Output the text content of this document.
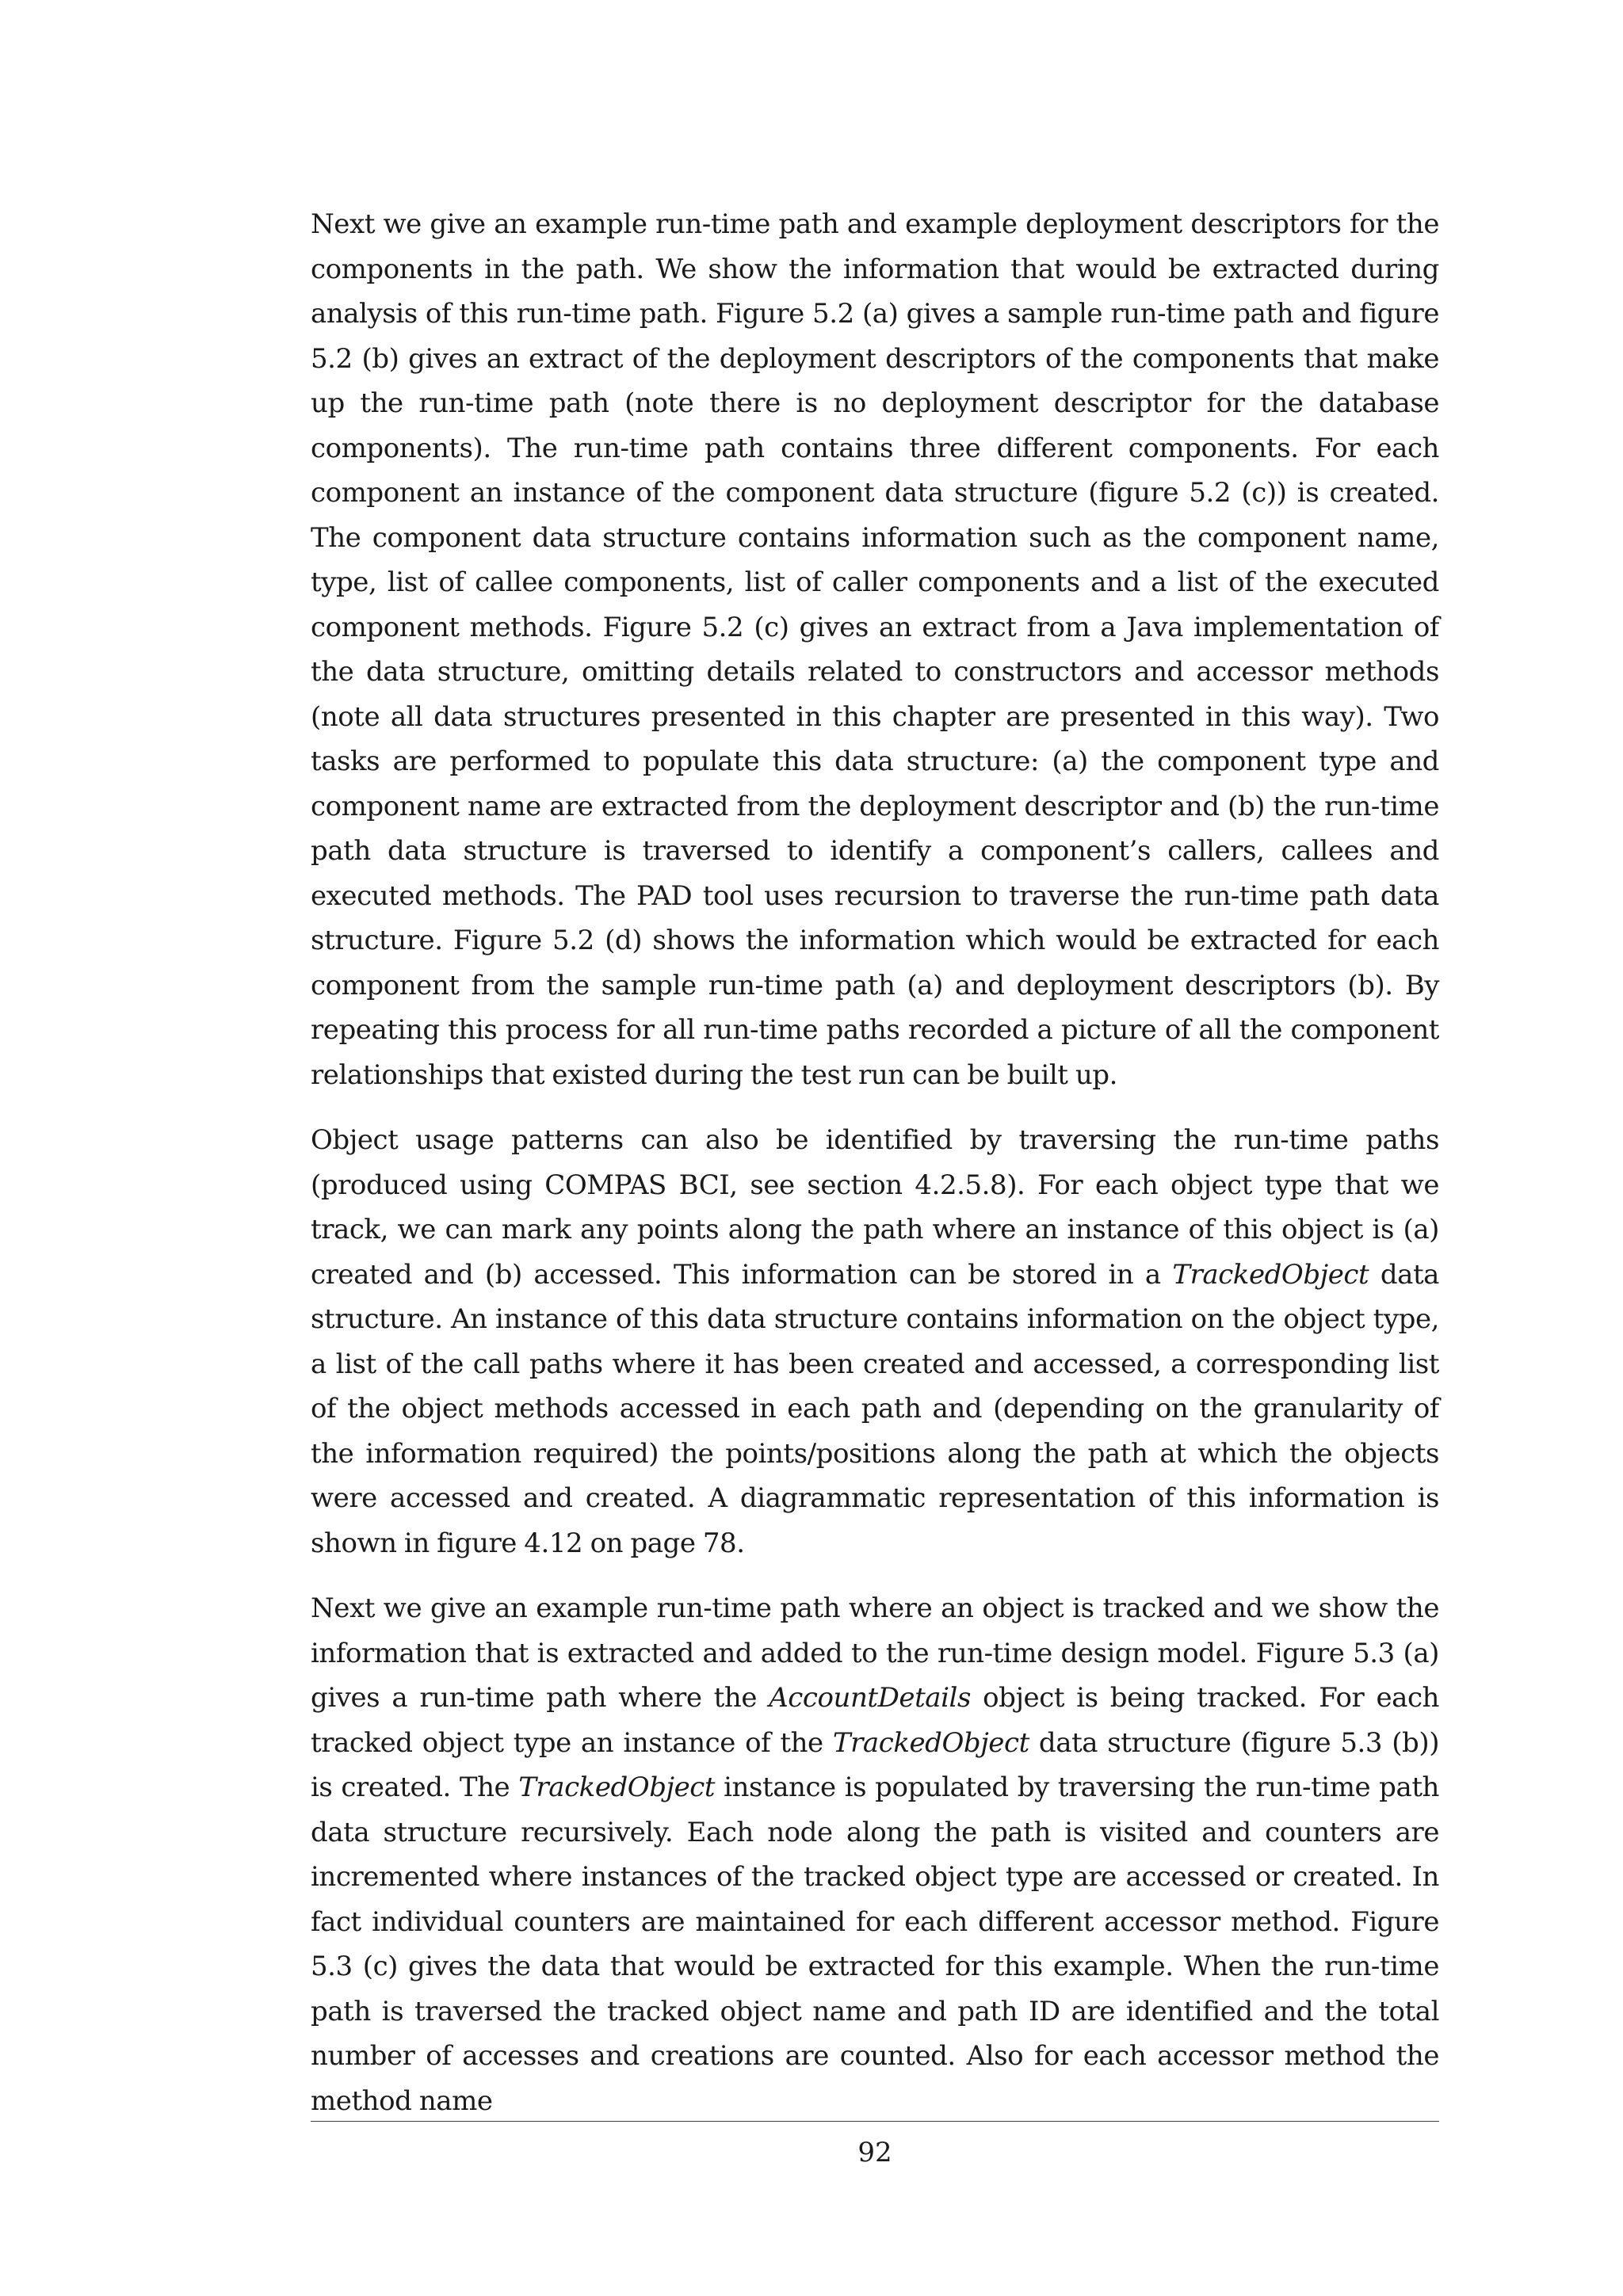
Next we give an example run-time path and example deployment descriptors for the components in the path. We show the information that would be extracted during analysis of this run-time path. Figure 5.2 (a) gives a sample run-time path and figure 5.2 (b) gives an extract of the deployment descriptors of the components that make up the run-time path (note there is no deployment descriptor for the database components). The run-time path contains three different components. For each component an instance of the component data structure (figure 5.2 (c)) is created. The component data structure contains information such as the component name, type, list of callee components, list of caller components and a list of the executed component methods. Figure 5.2 (c) gives an extract from a Java implementation of the data structure, omitting details related to constructors and accessor methods (note all data structures presented in this chapter are presented in this way). Two tasks are performed to populate this data structure: (a) the component type and component name are extracted from the deployment descriptor and (b) the run-time path data structure is traversed to identify a component’s callers, callees and executed methods. The PAD tool uses recursion to traverse the run-time path data structure. Figure 5.2 (d) shows the information which would be extracted for each component from the sample run-time path (a) and deployment descriptors (b). By repeating this process for all run-time paths recorded a picture of all the component relationships that existed during the test run can be built up.

Object usage patterns can also be identified by traversing the run-time paths (produced using COMPAS BCI, see section 4.2.5.8). For each object type that we track, we can mark any points along the path where an instance of this object is (a) created and (b) accessed. This information can be stored in a TrackedObject data structure. An instance of this data structure contains information on the object type, a list of the call paths where it has been created and accessed, a corresponding list of the object methods accessed in each path and (depending on the granularity of the information required) the points/positions along the path at which the objects were accessed and created. A diagrammatic representation of this information is shown in figure 4.12 on page 78.

Next we give an example run-time path where an object is tracked and we show the information that is extracted and added to the run-time design model. Figure 5.3 (a) gives a run-time path where the AccountDetails object is being tracked. For each tracked object type an instance of the TrackedObject data structure (figure 5.3 (b)) is created. The TrackedObject instance is populated by traversing the run-time path data structure recursively. Each node along the path is visited and counters are incremented where instances of the tracked object type are accessed or created. In fact individual counters are maintained for each different accessor method. Figure 5.3 (c) gives the data that would be extracted for this example. When the run-time path is traversed the tracked object name and path ID are identified and the total number of accesses and creations are counted. Also for each accessor method the method name

92
